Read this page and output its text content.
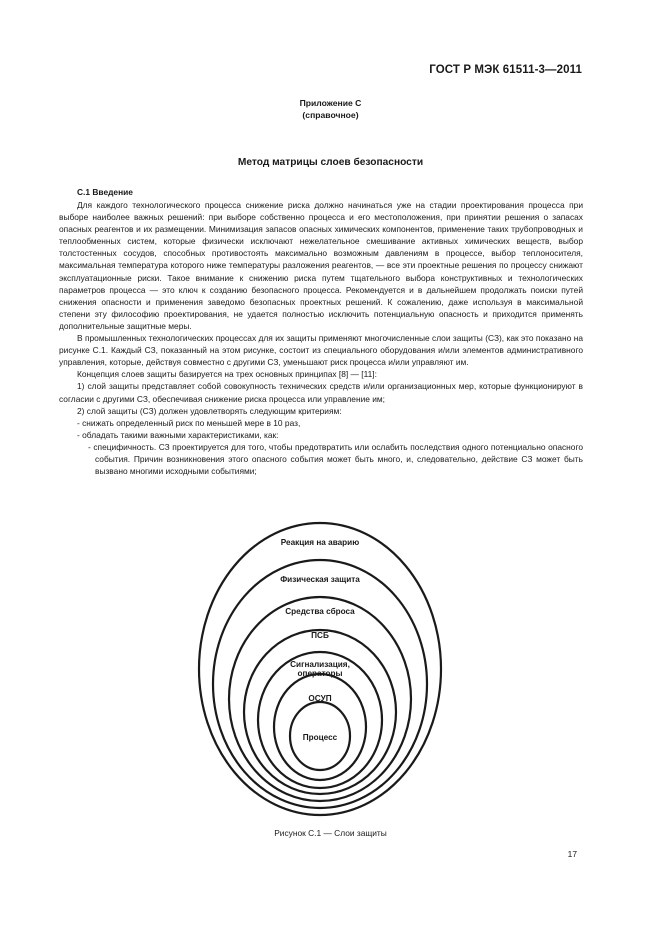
ГОСТ Р МЭК 61511-3—2011
Приложение С
(справочное)
Метод матрицы слоев безопасности
С.1 Введение

Для каждого технологического процесса снижение риска должно начинаться уже на стадии проектирования процесса при выборе наиболее важных решений: при выборе собственно процесса и его местоположения, при принятии решения о запасах опасных реагентов и их размещении. Минимизация запасов опасных химических компонентов, применение таких трубопроводных и теплообменных систем, которые физически исключают нежелательное смешивание активных химических веществ, выбор толстостенных сосудов, способных противостоять максимально возможным давлениям в процессе, выбор теплоносителя, максимальная температура которого ниже температуры разложения реагентов, — все эти проектные решения по процессу снижают эксплуатационные риски. Такое внимание к снижению риска путем тщательного выбора конструктивных и технологических параметров процесса — это ключ к созданию безопасного процесса. Рекомендуется и в дальнейшем продолжать поиски путей снижения опасности и применения заведомо безопасных проектных решений. К сожалению, даже используя в максимальной степени эту философию проектирования, не удается полностью исключить потенциальную опасность и приходится применять дополнительные защитные меры.

В промышленных технологических процессах для их защиты применяют многочисленные слои защиты (СЗ), как это показано на рисунке С.1. Каждый СЗ, показанный на этом рисунке, состоит из специального оборудования и/или элементов административного управления, которые, действуя совместно с другими СЗ, уменьшают риск процесса и/или управляют им.

Концепция слоев защиты базируется на трех основных принципах [8] — [11]:

1) слой защиты представляет собой совокупность технических средств и/или организационных мер, которые функционируют в согласии с другими СЗ, обеспечивая снижение риска процесса или управление им;

2) слой защиты (СЗ) должен удовлетворять следующим критериям:

- снижать определенный риск по меньшей мере в 10 раз,

- обладать такими важными характеристиками, как:

- специфичность. СЗ проектируется для того, чтобы предотвратить или ослабить последствия одного потенциально опасного события. Причин возникновения этого опасного события может быть много, и, следовательно, действие СЗ может быть вызвано многими исходными событиями;

Реакция на аварию
Физическая защита
Средства сброса
ПСБ
Сигнализация,
операторы
ОСУП
Процесс
Рисунок С.1 — Слои защиты
17
